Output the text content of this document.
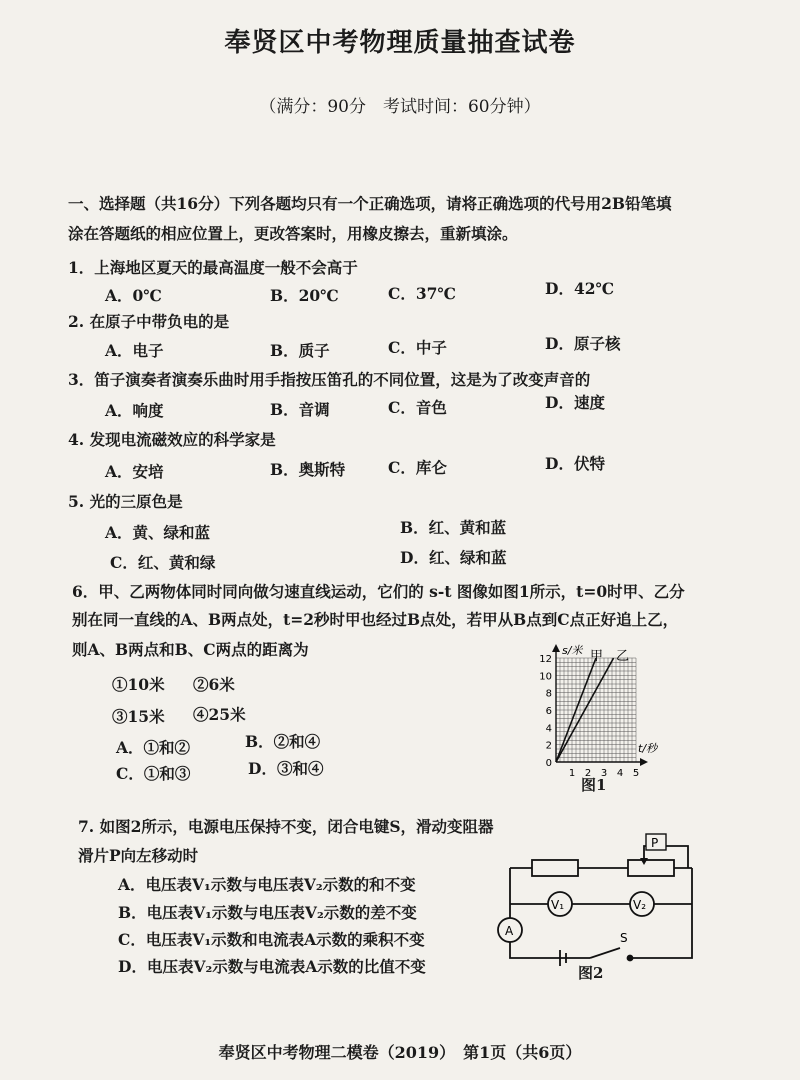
奉贤区中考物理质量抽查试卷
（满分：90分　考试时间：60分钟）
一、选择题（共16分）下列各题均只有一个正确选项，请将正确选项的代号用2B铅笔填
涂在答题纸的相应位置上，更改答案时，用橡皮擦去，重新填涂。
1．上海地区夏天的最高温度一般不会高于
A．0℃	B．20℃	C．37℃	D．42℃
2. 在原子中带负电的是
A．电子	B．质子	C．中子	D．原子核
3．笛子演奏者演奏乐曲时用手指按压笛孔的不同位置，这是为了改变声音的
A．响度	B．音调	C．音色	D．速度
4. 发现电流磁效应的科学家是
A．安培	B．奥斯特	C．库仑	D．伏特
5. 光的三原色是
A．黄、绿和蓝	B．红、黄和蓝
C．红、黄和绿	D．红、绿和蓝
6．甲、乙两物体同时同向做匀速直线运动，它们的 s-t 图像如图1所示，t=0时甲、乙分
别在同一直线的A、B两点处，t=2秒时甲也经过B点处，若甲从B点到C点正好追上乙，
则A、B两点和B、C两点的距离为
①10米 ②6米
③15米 ④25米
A．①和②	B．②和④
C．①和③	D．③和④
s/米
t/秒
12
10
8
6
4
2
0
1 2 3 4 5
甲 乙
图1
7. 如图2所示，电源电压保持不变，闭合电键S，滑动变阻器
滑片P向左移动时
A．电压表V₁示数与电压表V₂示数的和不变
B．电压表V₁示数与电压表V₂示数的差不变
C．电压表V₁示数和电流表A示数的乘积不变
D．电压表V₂示数与电流表A示数的比值不变
P
V₁	V₂
A	S
图2
奉贤区中考物理二模卷（2019）　第1页（共6页）
